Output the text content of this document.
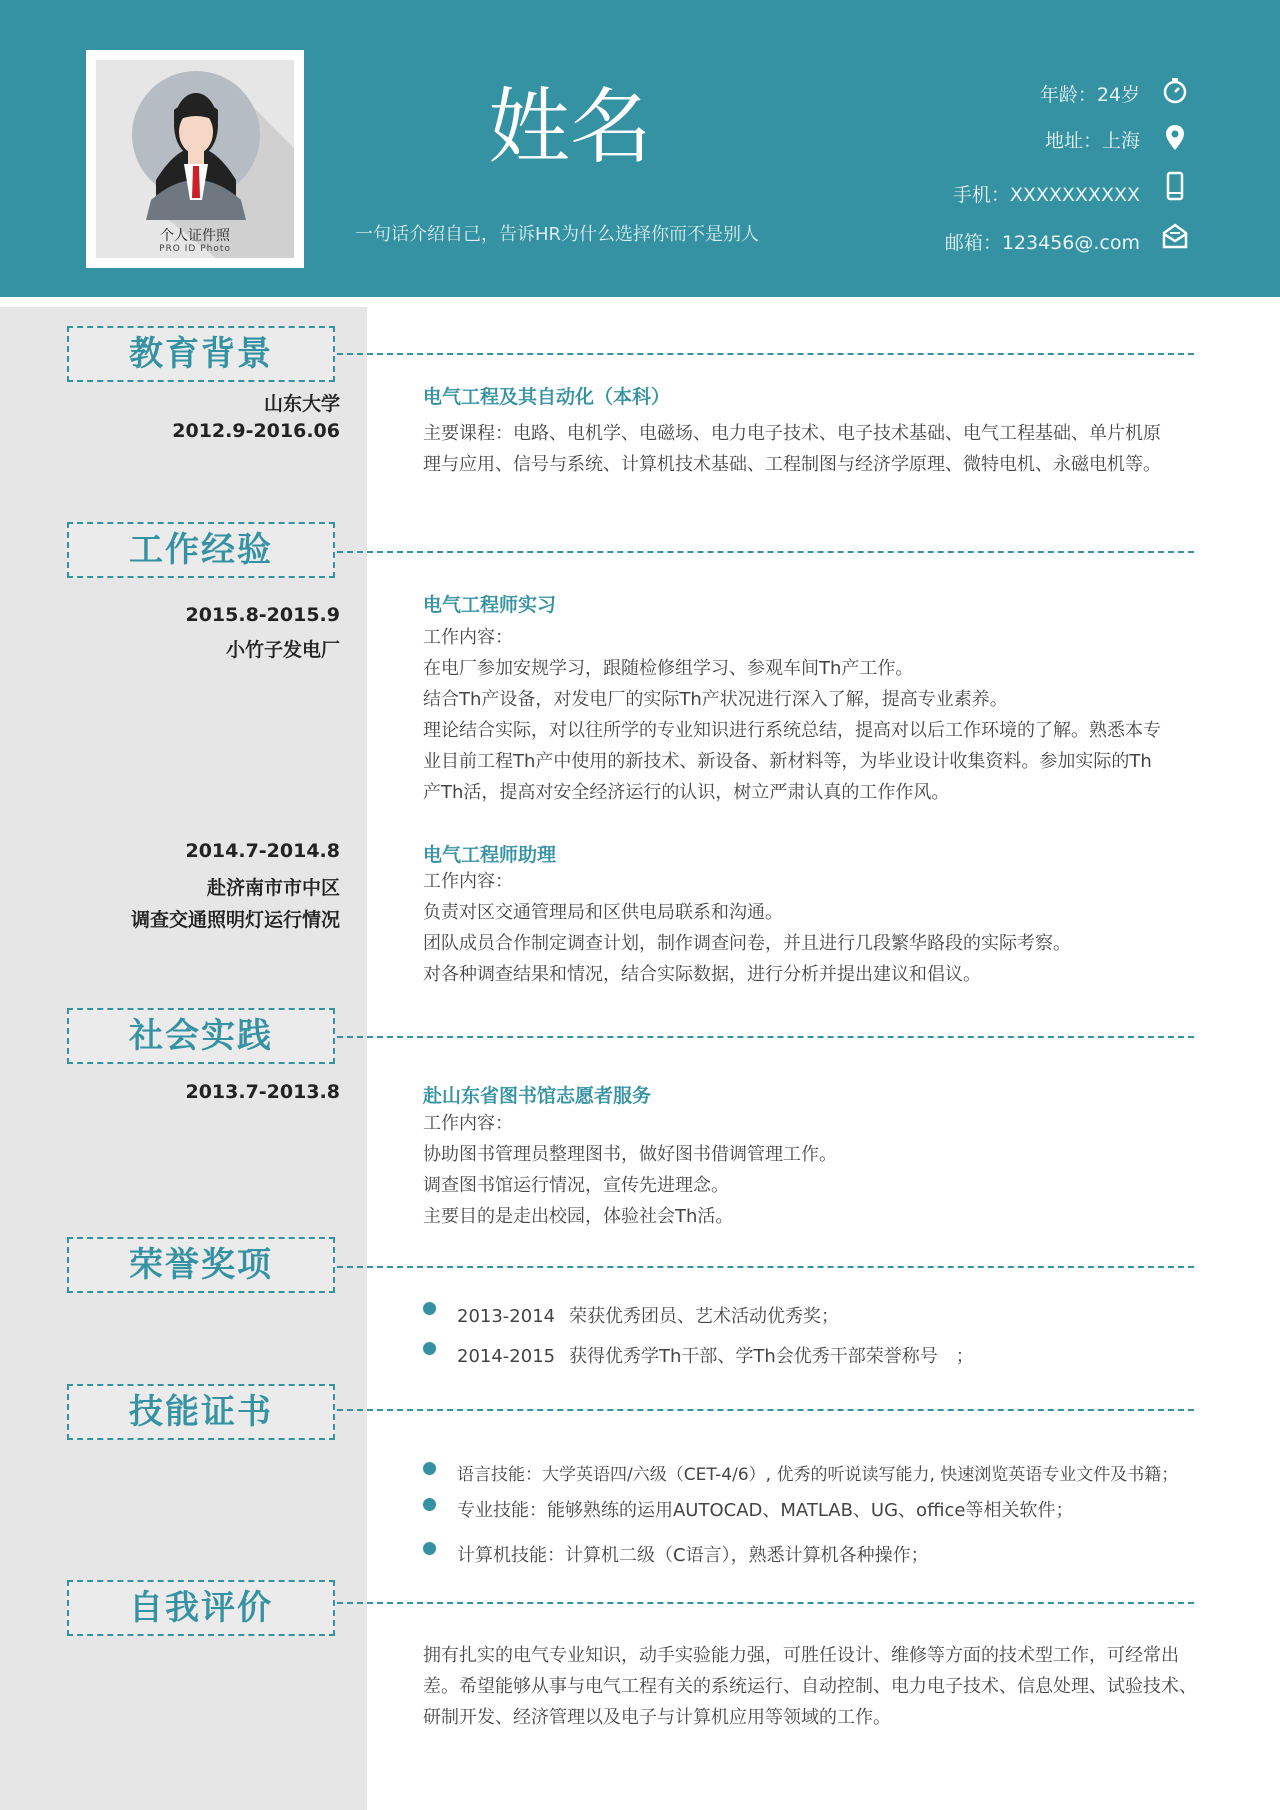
个人证件照
PRO ID Photo
姓名
一句话介绍自己，告诉HR为什么选择你而不是别人
年龄：24岁
地址：上海
手机：XXXXXXXXXX
邮箱：123456@.com
教育背景
山东大学
2012.9-2016.06
电气工程及其自动化（本科）
主要课程：电路、电机学、电磁场、电力电子技术、电子技术基础、电气工程基础、单片机原理与应用、信号与系统、计算机技术基础、工程制图与经济学原理、微特电机、永磁电机等。
工作经验
2015.8-2015.9
小竹子发电厂
电气工程师实习
工作内容：
在电厂参加安规学习，跟随检修组学习、参观车间Th产工作。
结合Th产设备，对发电厂的实际Th产状况进行深入了解，提高专业素养。
理论结合实际，对以往所学的专业知识进行系统总结，提高对以后工作环境的了解。熟悉本专业目前工程Th产中使用的新技术、新设备、新材料等，为毕业设计收集资料。参加实际的Th产Th活，提高对安全经济运行的认识，树立严肃认真的工作作风。
2014.7-2014.8
赴济南市市中区
调查交通照明灯运行情况
电气工程师助理
工作内容：
负责对区交通管理局和区供电局联系和沟通。
团队成员合作制定调查计划，制作调查问卷，并且进行几段繁华路段的实际考察。
对各种调查结果和情况，结合实际数据，进行分析并提出建议和倡议。
社会实践
2013.7-2013.8	赴山东省图书馆志愿者服务
工作内容：
协助图书管理员整理图书，做好图书借调管理工作。
调查图书馆运行情况，宣传先进理念。
主要目的是走出校园，体验社会Th活。
荣誉奖项
2013-2014 荣获优秀团员、艺术活动优秀奖；
2014-2015 获得优秀学Th干部、学Th会优秀干部荣誉称号　；
技能证书
语言技能：大学英语四/六级（CET-4/6）, 优秀的听说读写能力, 快速浏览英语专业文件及书籍；
专业技能：能够熟练的运用AUTOCAD、MATLAB、UG、office等相关软件；
计算机技能：计算机二级（C语言），熟悉计算机各种操作；
自我评价
拥有扎实的电气专业知识，动手实验能力强，可胜任设计、维修等方面的技术型工作，可经常出差。希望能够从事与电气工程有关的系统运行、自动控制、电力电子技术、信息处理、试验技术、研制开发、经济管理以及电子与计算机应用等领域的工作。
